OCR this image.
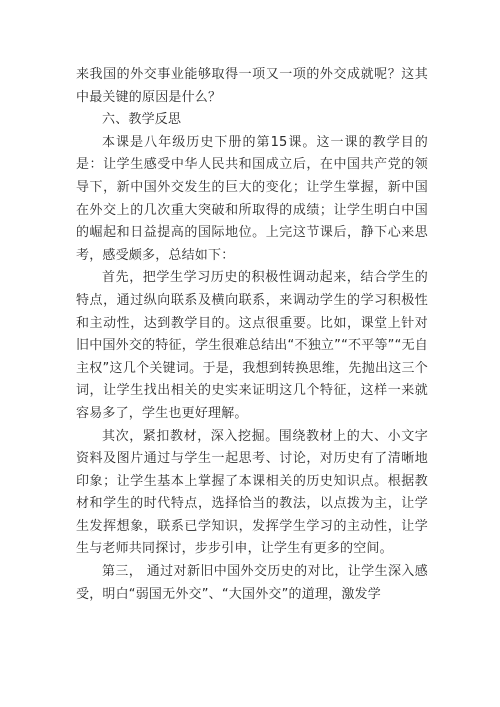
来我国的外交事业能够取得一项又一项的外交成就呢？这其中最关键的原因是什么？

六、教学反思

本课是八年级历史下册的第15课。这一课的教学目的是：让学生感受中华人民共和国成立后，在中国共产党的领导下，新中国外交发生的巨大的变化；让学生掌握，新中国在外交上的几次重大突破和所取得的成绩；让学生明白中国的崛起和日益提高的国际地位。上完这节课后，静下心来思考，感受颇多，总结如下：

首先，把学生学习历史的积极性调动起来，结合学生的特点，通过纵向联系及横向联系，来调动学生的学习积极性和主动性，达到教学目的。这点很重要。比如，课堂上针对旧中国外交的特征，学生很难总结出“不独立”“不平等”“无自主权”这几个关键词。于是，我想到转换思维，先抛出这三个词，让学生找出相关的史实来证明这几个特征，这样一来就容易多了，学生也更好理解。

其次，紧扣教材，深入挖掘。围绕教材上的大、小文字资料及图片通过与学生一起思考、讨论，对历史有了清晰地印象；让学生基本上掌握了本课相关的历史知识点。根据教材和学生的时代特点，选择恰当的教法，以点拨为主，让学生发挥想象，联系已学知识，发挥学生学习的主动性，让学生与老师共同探讨，步步引申，让学生有更多的空间。

第三， 通过对新旧中国外交历史的对比，让学生深入感受，明白“弱国无外交”、“大国外交”的道理，激发学
